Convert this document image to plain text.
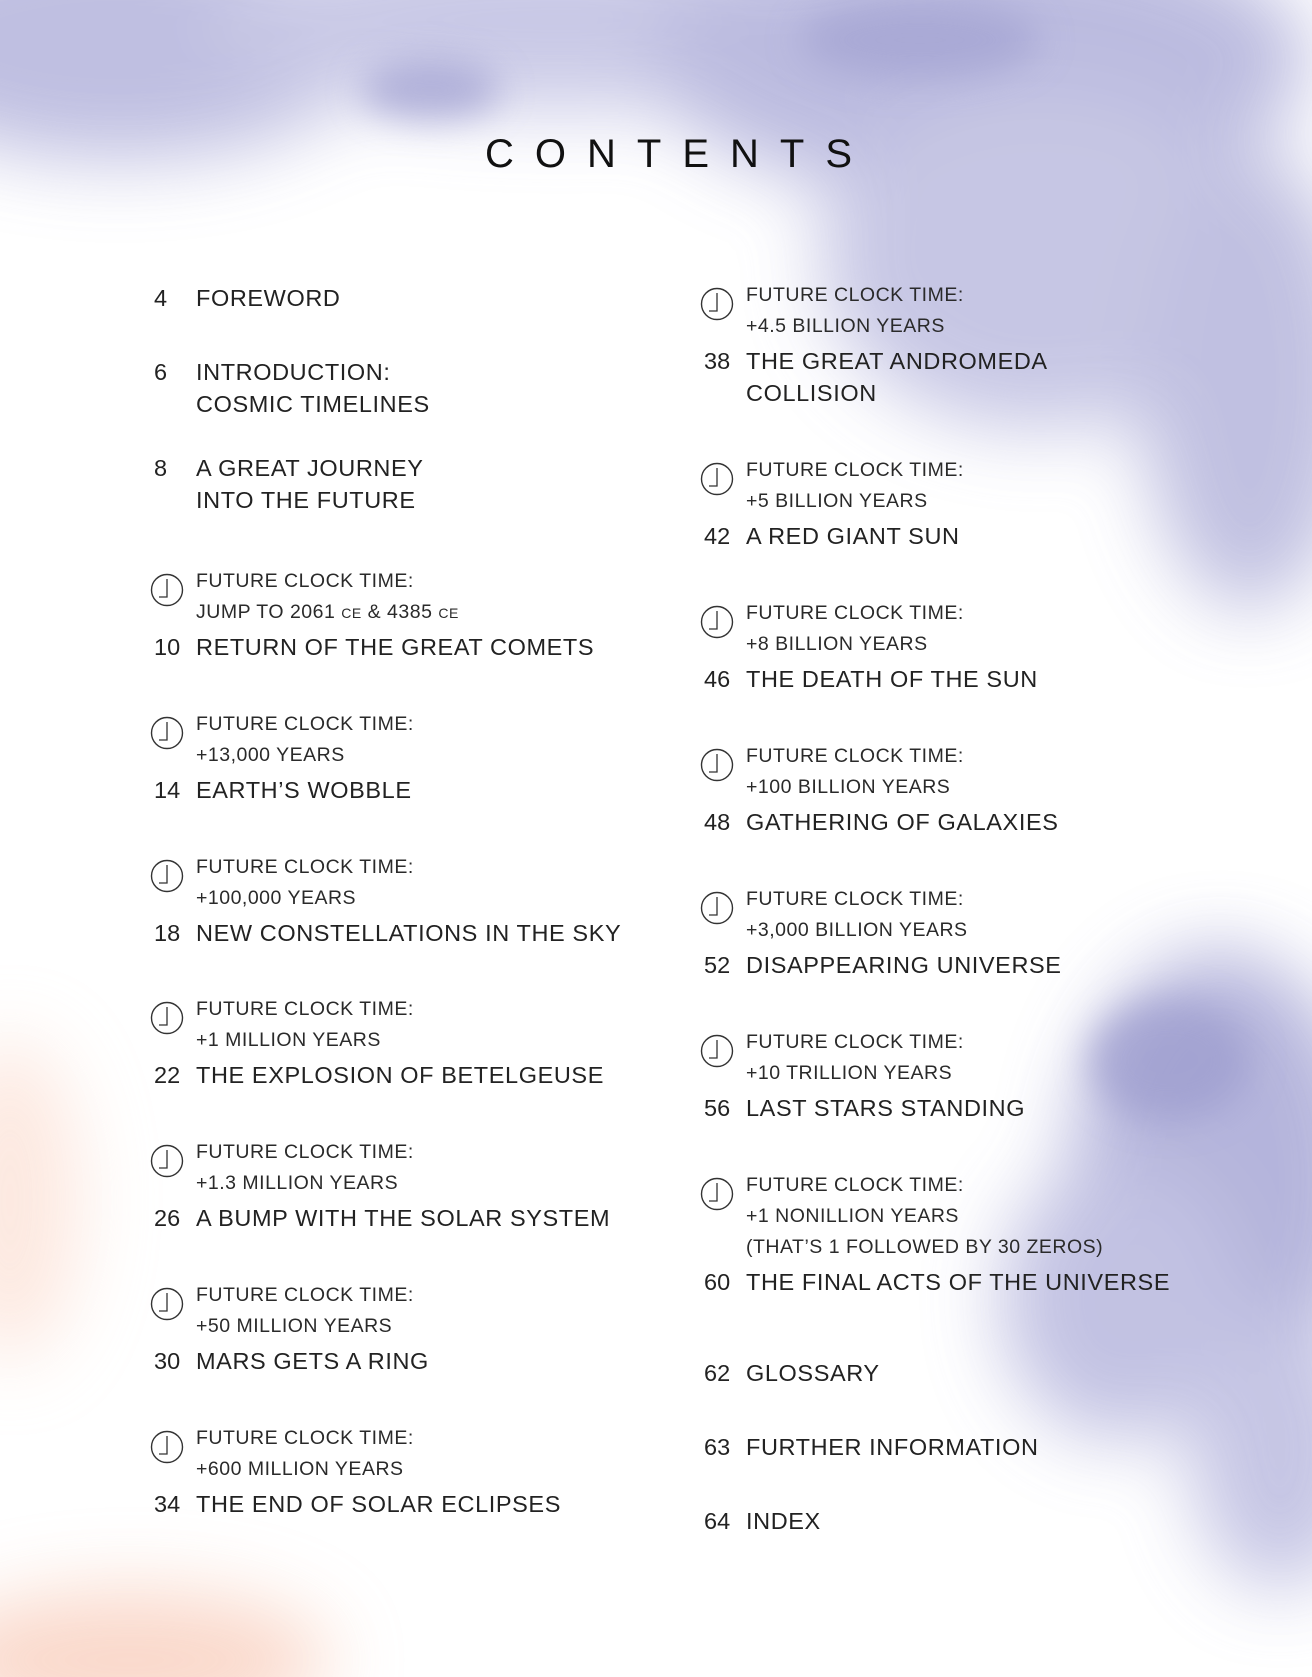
CONTENTS
4	FOREWORD
6	INTRODUCTION:
COSMIC TIMELINES
8	A GREAT JOURNEY
INTO THE FUTURE
FUTURE CLOCK TIME:
JUMP TO 2061 CE & 4385 CE
10 RETURN OF THE GREAT COMETS
FUTURE CLOCK TIME:
+13,000 YEARS
14 EARTH’S WOBBLE
FUTURE CLOCK TIME:
+100,000 YEARS
18 NEW CONSTELLATIONS IN THE SKY
FUTURE CLOCK TIME:
+1 MILLION YEARS
22 THE EXPLOSION OF BETELGEUSE
FUTURE CLOCK TIME:
+1.3 MILLION YEARS
26 A BUMP WITH THE SOLAR SYSTEM
FUTURE CLOCK TIME:
+50 MILLION YEARS
30 MARS GETS A RING
FUTURE CLOCK TIME:
+600 MILLION YEARS
34 THE END OF SOLAR ECLIPSES
FUTURE CLOCK TIME:
+4.5 BILLION YEARS
38 THE GREAT ANDROMEDA
COLLISION
FUTURE CLOCK TIME:
+5 BILLION YEARS
42 A RED GIANT SUN
FUTURE CLOCK TIME:
+8 BILLION YEARS
46 THE DEATH OF THE SUN
FUTURE CLOCK TIME:
+100 BILLION YEARS
48 GATHERING OF GALAXIES
FUTURE CLOCK TIME:
+3,000 BILLION YEARS
52 DISAPPEARING UNIVERSE
FUTURE CLOCK TIME:
+10 TRILLION YEARS
56 LAST STARS STANDING
FUTURE CLOCK TIME:
+1 NONILLION YEARS
(THAT’S 1 FOLLOWED BY 30 ZEROS)
60 THE FINAL ACTS OF THE UNIVERSE
62 GLOSSARY
63 FURTHER INFORMATION
64 INDEX
